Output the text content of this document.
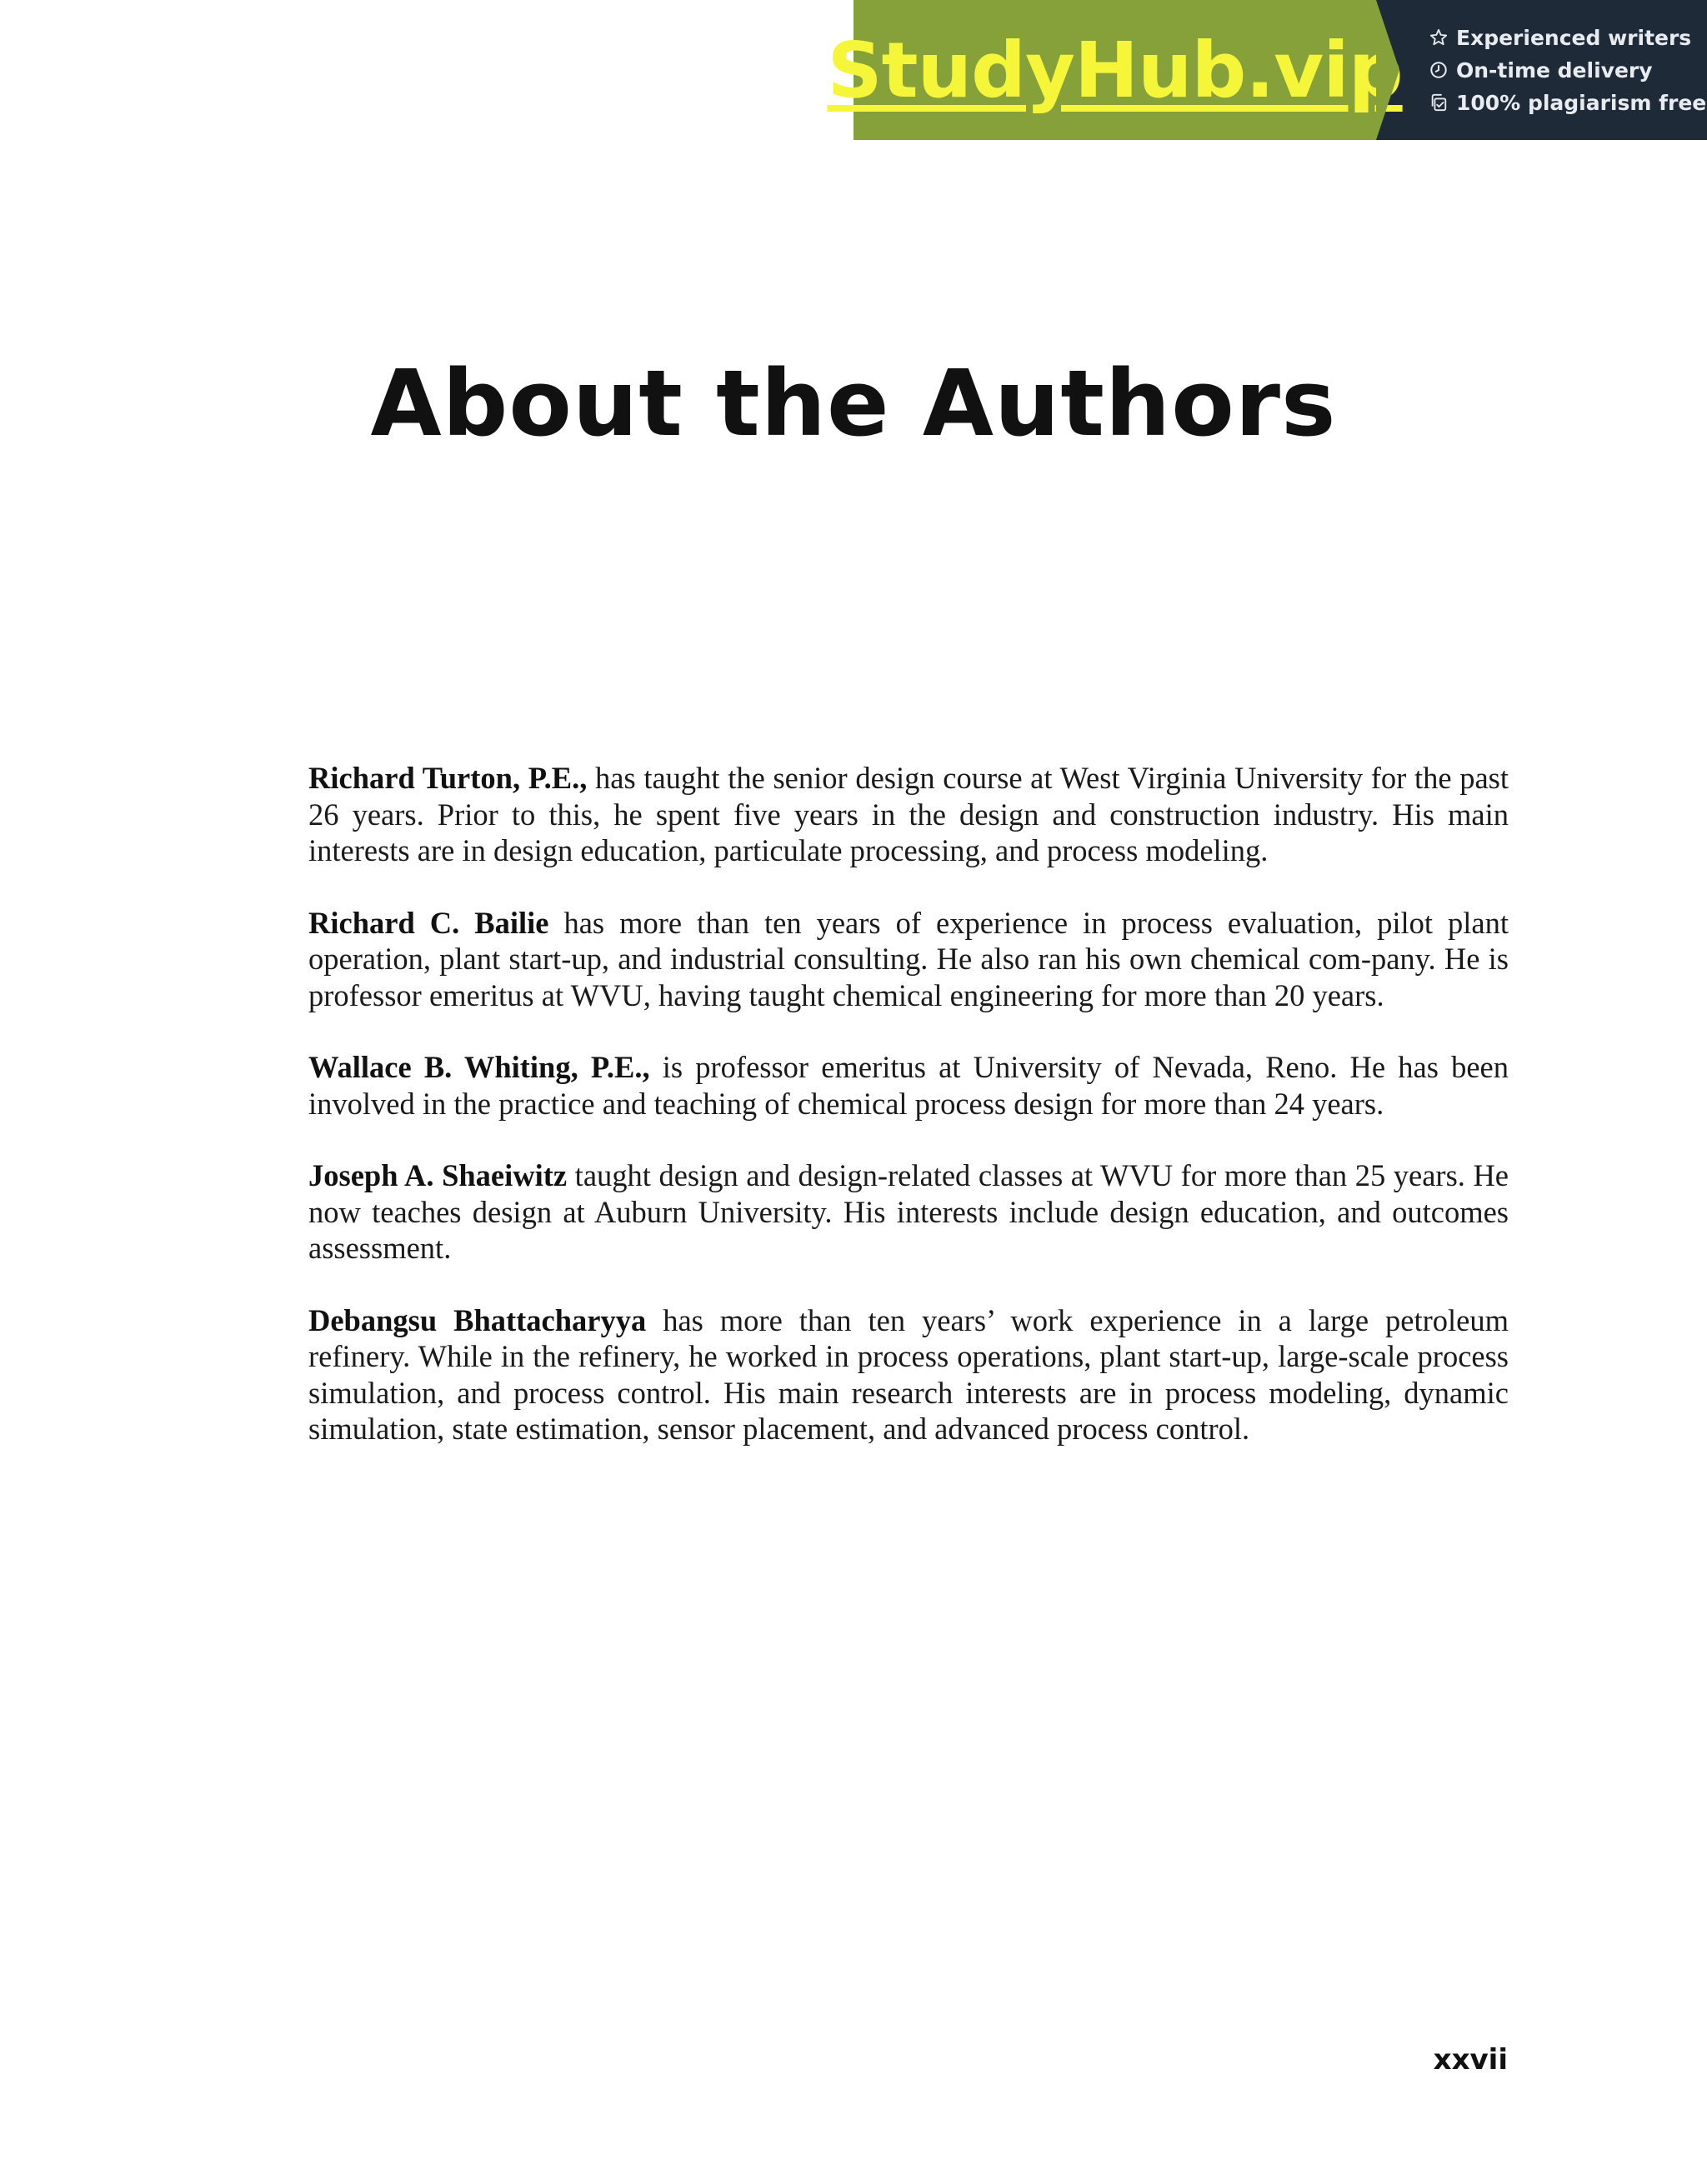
StudyHub.vip	Experienced writers
On-time delivery
100% plagiarism free
About the Authors

Richard Turton, P.E., has taught the senior design course at West Virginia University for the past 26 years. Prior to this, he spent five years in the design and construction industry. His main interests are in design education, particulate processing, and process modeling.

Richard C. Bailie has more than ten years of experience in process evaluation, pilot plant operation, plant start-up, and industrial consulting. He also ran his own chemical com-pany. He is professor emeritus at WVU, having taught chemical engineering for more than 20 years.

Wallace B. Whiting, P.E., is professor emeritus at University of Nevada, Reno. He has been involved in the practice and teaching of chemical process design for more than 24 years.

Joseph A. Shaeiwitz taught design and design-related classes at WVU for more than 25 years. He now teaches design at Auburn University. His interests include design education, and outcomes assessment.

Debangsu Bhattacharyya has more than ten years’ work experience in a large petroleum refinery. While in the refinery, he worked in process operations, plant start-up, large-scale process simulation, and process control. His main research interests are in process modeling, dynamic simulation, state estimation, sensor placement, and advanced process control.

xxvii
